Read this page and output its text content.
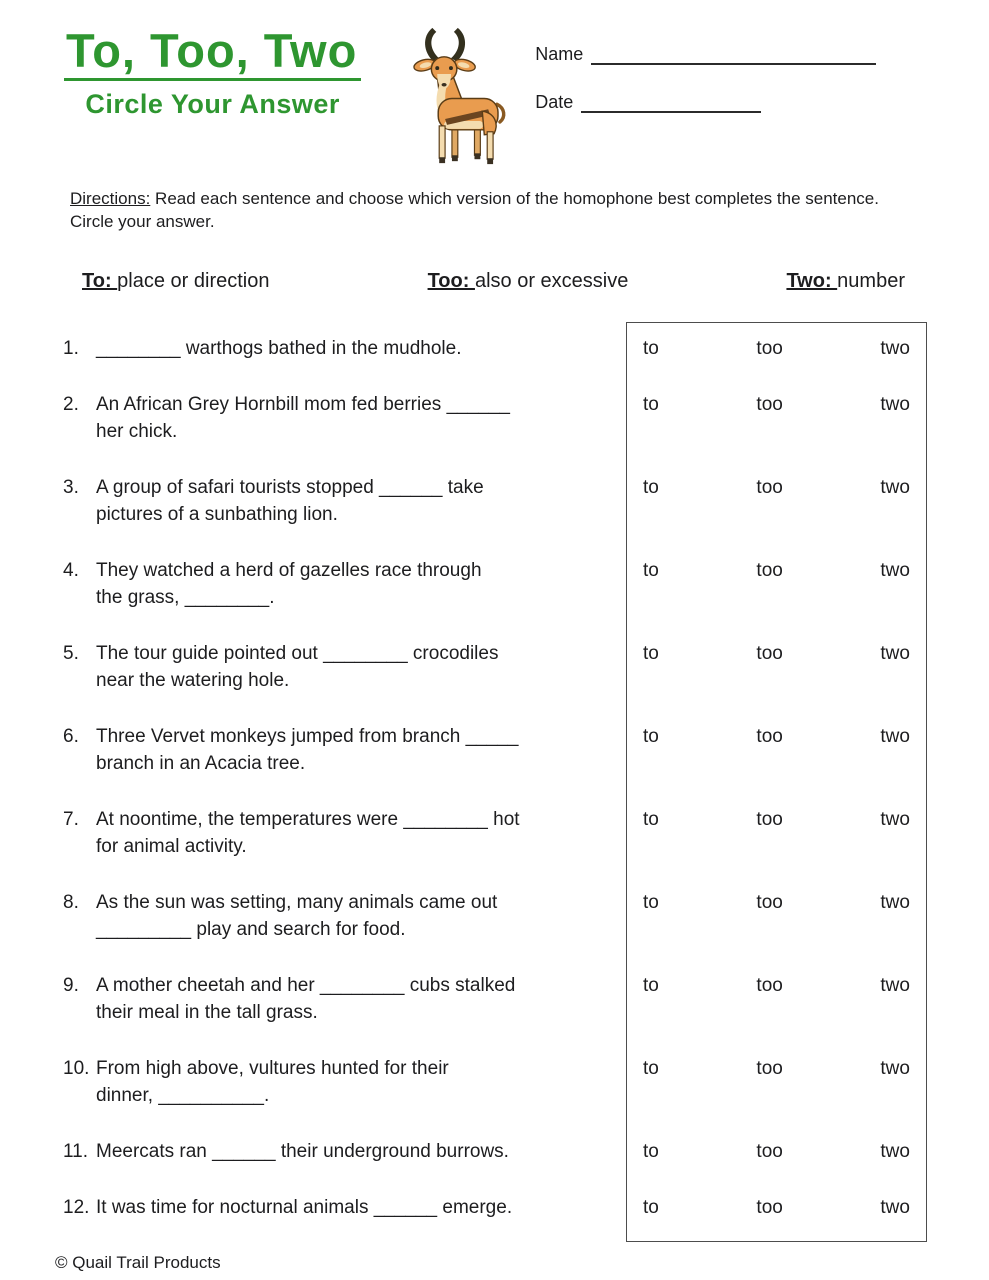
To, Too, Two
Circle Your Answer
Name
Date

Directions: Read each sentence and choose which version of the homophone best completes the sentence. Circle your answer.

To: place or direction	Too: also or excessive	Two: number
1. ________ warthogs bathed in the mudhole.	to	too	two
2. An African Grey Hornbill mom fed berries ______
her chick.
to	too	two
3. A group of safari tourists stopped ______ take
pictures of a sunbathing lion.
to	too	two
4. They watched a herd of gazelles race through
the grass, ________.
to	too	two
5. The tour guide pointed out ________ crocodiles
near the watering hole.
to	too	two
6. Three Vervet monkeys jumped from branch _____
branch in an Acacia tree.
to	too	two
7. At noontime, the temperatures were ________ hot
for animal activity.
to	too	two
8. As the sun was setting, many animals came out
_________ play and search for food.
to	too	two
9. A mother cheetah and her ________ cubs stalked
their meal in the tall grass.
to	too	two
10. From high above, vultures hunted for their
dinner, __________.
to	too	two
11. Meercats ran ______ their underground burrows.	to	too	two
12. It was time for nocturnal animals ______ emerge.	to	too	two
© Quail Trail Products
